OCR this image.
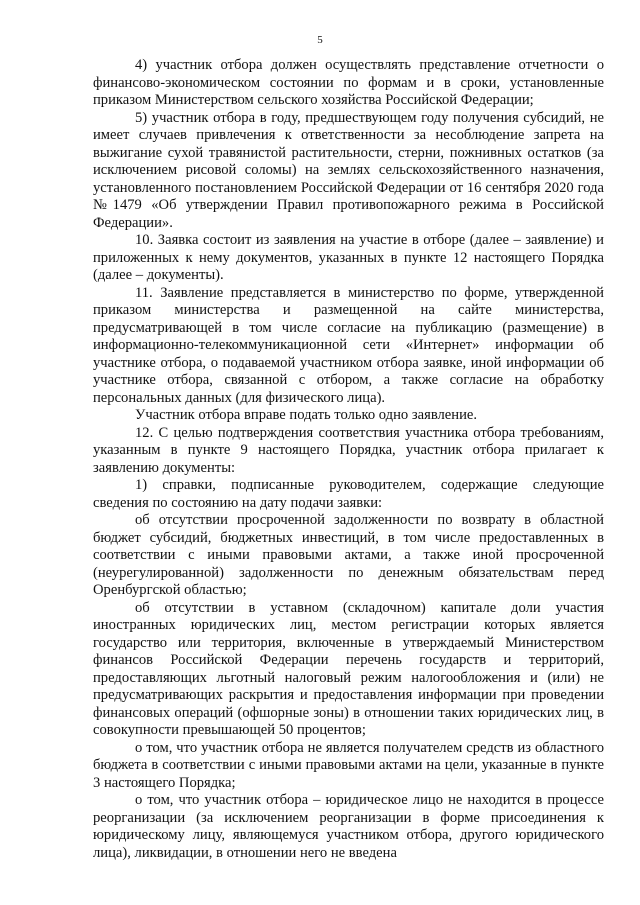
5

4) участник отбора должен осуществлять представление отчетности о финансово-экономическом состоянии по формам и в сроки, установленные приказом Министерством сельского хозяйства Российской Федерации;

5) участник отбора в году, предшествующем году получения субсидий, не имеет случаев привлечения к ответственности за несоблюдение запрета на выжигание сухой травянистой растительности, стерни, пожнивных остатков (за исключением рисовой соломы) на землях сельскохозяйственного назначения, установленного постановлением Российской Федерации от 16 сентября 2020 года №1479 «Об утверждении Правил противопожарного режима в Российской Федерации».

10. Заявка состоит из заявления на участие в отборе (далее – заявление) и приложенных к нему документов, указанных в пункте 12 настоящего Порядка (далее – документы).

11. Заявление представляется в министерство по форме, утвержденной приказом министерства и размещенной на сайте министерства, предусматривающей в том числе согласие на публикацию (размещение) в информационно-телекоммуникационной сети «Интернет» информации об участнике отбора, о подаваемой участником отбора заявке, иной информации об участнике отбора, связанной с отбором, а также согласие на обработку персональных данных (для физического лица).

Участник отбора вправе подать только одно заявление.

12. С целью подтверждения соответствия участника отбора требованиям, указанным в пункте 9 настоящего Порядка, участник отбора прилагает к заявлению документы:

1) справки, подписанные руководителем, содержащие следующие сведения по состоянию на дату подачи заявки:

об отсутствии просроченной задолженности по возврату в областной бюджет субсидий, бюджетных инвестиций, в том числе предоставленных в соответствии с иными правовыми актами, а также иной просроченной (неурегулированной) задолженности по денежным обязательствам перед Оренбургской областью;

об отсутствии в уставном (складочном) капитале доли участия иностранных юридических лиц, местом регистрации которых является государство или территория, включенные в утверждаемый Министерством финансов Российской Федерации перечень государств и территорий, предоставляющих льготный налоговый режим налогообложения и (или) не предусматривающих раскрытия и предоставления информации при проведении финансовых операций (офшорные зоны) в отношении таких юридических лиц, в совокупности превышающей 50 процентов;

о том, что участник отбора не является получателем средств из областного бюджета в соответствии с иными правовыми актами на цели, указанные в пункте 3 настоящего Порядка;

о том, что участник отбора – юридическое лицо не находится в процессе реорганизации (за исключением реорганизации в форме присоединения к юридическому лицу, являющемуся участником отбора, другого юридического лица), ликвидации, в отношении него не введена
